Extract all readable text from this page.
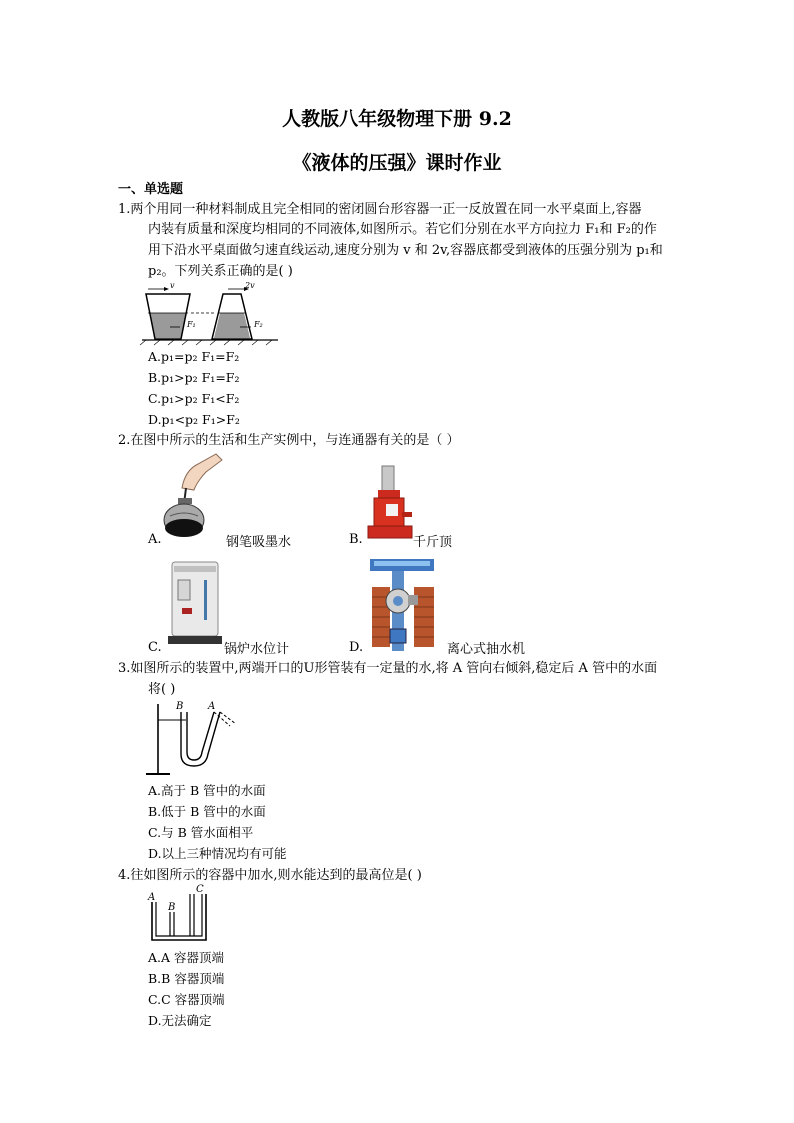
人教版八年级物理下册 9.2
《液体的压强》课时作业
一、单选题
1.两个用同一种材料制成且完全相同的密闭圆台形容器一正一反放置在同一水平桌面上,容器
内装有质量和深度均相同的不同液体,如图所示。若它们分别在水平方向拉力 F₁和 F₂的作
用下沿水平桌面做匀速直线运动,速度分别为 v 和 2v,容器底都受到液体的压强分别为 p₁和
p₂。下列关系正确的是( )
v	2v
F₁	F₂
A.p₁=p₂ F₁=F₂
B.p₁>p₂ F₁=F₂
C.p₁>p₂ F₁<F₂
D.p₁<p₂ F₁>F₂
2.在图中所示的生活和生产实例中，与连通器有关的是（ ）
A.	钢笔吸墨水	B.	千斤顶
C.	锅炉水位计	D.	离心式抽水机
3.如图所示的装置中,两端开口的U形管装有一定量的水,将 A 管向右倾斜,稳定后 A 管中的水面
将( )
B A
A.高于 B 管中的水面
B.低于 B 管中的水面
C.与 B 管水面相平
D.以上三种情况均有可能
4.往如图所示的容器中加水,则水能达到的最高位是( )
A
B
C
A.A 容器顶端
B.B 容器顶端
C.C 容器顶端
D.无法确定
